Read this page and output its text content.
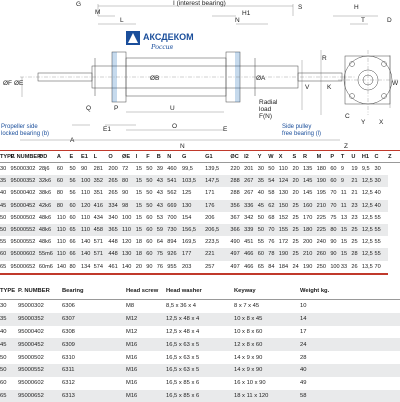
АКСДЕКОМ
Россия
G	I (interest bearing)
S	H
M
L	N
H1
T	D
ØF ØE
ØB	ØA
V
R
K
C
Y X
W
Q	P
A
E1
U
O	E
N	Z
Propeller side
locked bearing (b)
Radial
load
F(N)
Side pulley
free bearing (l)
TYPE	P. NUMBER	ØD	A	E	E1	L	O	ØE	I	F	B	N	G	G1	ØC	I2	Y	W	X	S	R	M	P	T	U	H1	C	Z
30	95000302	28j6	60	50	90	281	200	72	15	50	39	460	99,5	139,5	220	201	30	50	110	20	135	180	60	9	19	9,5	30	
35	95000352	32k6	60	56	100	352	265	80	15	50	43	541	103,5	147,5	288	267	35	54	124	20	145	190	60	9	21	12,5	30	
40	95000402	38k6	80	56	110	351	265	90	15	50	43	562	125	171	288	267	40	58	130	20	145	195	70	11	21	12,5	40	
45	95000452	42k6	80	60	120	416	334	98	15	50	43	669	130	176	356	336	45	62	150	25	160	210	70	11	23	12,5	40	
50	95000502	48k6	110	60	110	434	340	100	15	60	53	700	154	206	367	342	50	68	152	25	170	225	75	13	23	12,5	55	
50	95000552	48k6	110	65	110	458	365	110	15	60	59	730	156,5	206,5	366	339	50	70	155	25	180	225	80	15	25	12,5	55	
55	95000552	48k6	110	66	140	571	448	120	18	60	64	894	169,5	223,5	490	451	55	76	172	25	200	240	90	15	25	12,5	55	
60	95000602	55m6	110	66	140	571	448	130	18	60	75	926	177	221	497	466	60	78	190	25	210	260	90	15	28	12,5	55	
65	95000652	60m6	140	80	134	574	461	140	20	90	76	955	203	257	497	466	65	84	184	24	190	250	100	33	26	13,5	70	
TYPE	P. NUMBER	Bearing	Head screw	Head washer	Keyway	Weight kg.
30	95000302	6306	M8	8,5 x 36 x 4	8 x 7 x 45	10
35	95000352	6307	M12	12,5 x 48 x 4	10 x 8 x 45	14
40	95000402	6308	M12	12,5 x 48 x 4	10 x 8 x 60	17
45	95000452	6309	M16	16,5 x 63 x 5	12 x 8 x 60	24
50	95000502	6310	M16	16,5 x 63 x 5	14 x 9 x 90	28
50	95000552	6311	M16	16,5 x 63 x 5	14 x 9 x 90	40
60	95000602	6312	M16	16,5 x 85 x 6	16 x 10 x 90	49
65	95000652	6313	M16	16,5 x 85 x 6	18 x 11 x 120	58
